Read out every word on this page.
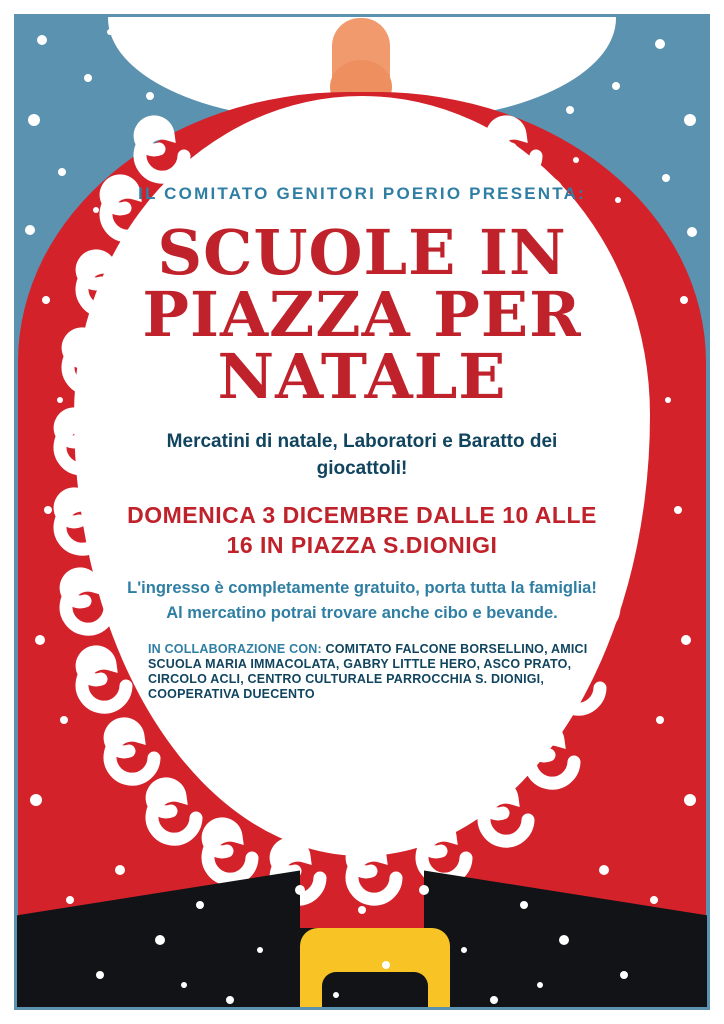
IL COMITATO GENITORI POERIO PRESENTA:
SCUOLE IN
PIAZZA PER
NATALE
Mercatini di natale, Laboratori e Baratto dei giocattoli!
DOMENICA 3 DICEMBRE DALLE 10 ALLE 16 IN PIAZZA S.DIONIGI
L'ingresso è completamente gratuito, porta tutta la famiglia! Al mercatino potrai trovare anche cibo e bevande.
IN COLLABORAZIONE CON: COMITATO FALCONE BORSELLINO, AMICI SCUOLA MARIA IMMACOLATA, GABRY LITTLE HERO, ASCO PRATO, CIRCOLO ACLI, CENTRO CULTURALE PARROCCHIA S. DIONIGI, COOPERATIVA DUECENTO
